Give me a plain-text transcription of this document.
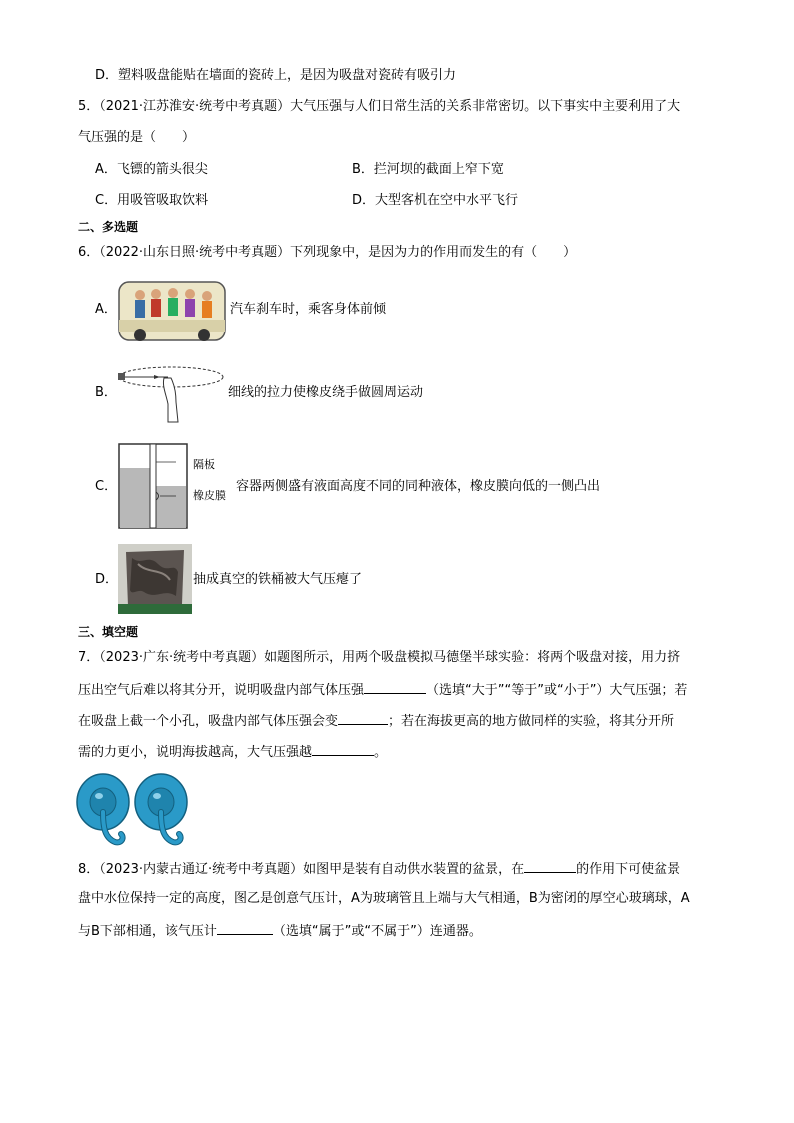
D．塑料吸盘能贴在墙面的瓷砖上，是因为吸盘对瓷砖有吸引力
5．（2021·江苏淮安·统考中考真题）大气压强与人们日常生活的关系非常密切。以下事实中主要利用了大
气压强的是（　　）
A．飞镖的箭头很尖	B．拦河坝的截面上窄下宽
C．用吸管吸取饮料	D．大型客机在空中水平飞行
二、多选题
6．（2022·山东日照·统考中考真题）下列现象中，是因为力的作用而发生的有（　　）
A．	汽车刹车时，乘客身体前倾
B．	细线的拉力使橡皮绕手做圆周运动
C．
隔板
橡皮膜
容器两侧盛有液面高度不同的同种液体，橡皮膜向低的一侧凸出
D．	抽成真空的铁桶被大气压瘪了
三、填空题
7．（2023·广东·统考中考真题）如题图所示，用两个吸盘模拟马德堡半球实验：将两个吸盘对接，用力挤
压出空气后难以将其分开，说明吸盘内部气体压强	（选填“大于”“等于”或“小于”）大气压强；若
在吸盘上截一个小孔，吸盘内部气体压强会变	；若在海拔更高的地方做同样的实验，将其分开所
需的力更小，说明海拔越高，大气压强越	。
8．（2023·内蒙古通辽·统考中考真题）如图甲是装有自动供水装置的盆景，在	的作用下可使盆景
盘中水位保持一定的高度，图乙是创意气压计，A为玻璃管且上端与大气相通，B为密闭的厚空心玻璃球，A
与B下部相通，该气压计	（选填“属于”或“不属于”）连通器。
